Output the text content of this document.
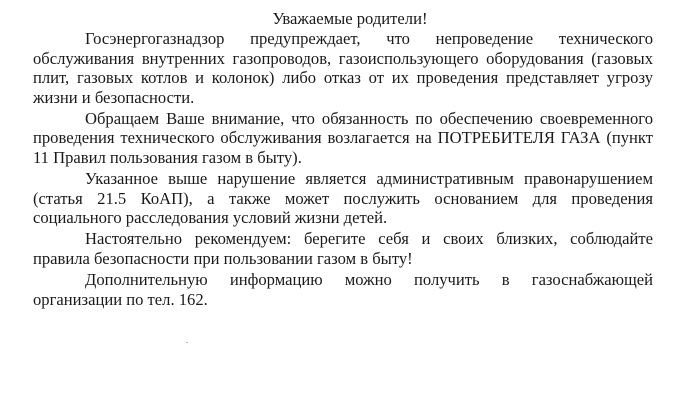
Уважаемые родители!

Госэнергогазнадзор предупреждает, что непроведение технического обслуживания внутренних газопроводов, газоиспользующего оборудования (газовых плит, газовых котлов и колонок) либо отказ от их проведения представляет угрозу жизни и безопасности.

Обращаем Ваше внимание, что обязанность по обеспечению своевременного проведения технического обслуживания возлагается на ПОТРЕБИТЕЛЯ ГАЗА (пункт 11 Правил пользования газом в быту).

Указанное выше нарушение является административным правонарушением (статья 21.5 КоАП), а также может послужить основанием для проведения социального расследования условий жизни детей.

Настоятельно рекомендуем: берегите себя и своих близких, соблюдайте правила безопасности при пользовании газом в быту!

Дополнительную информацию можно получить в газоснабжающей организации по тел. 162.
